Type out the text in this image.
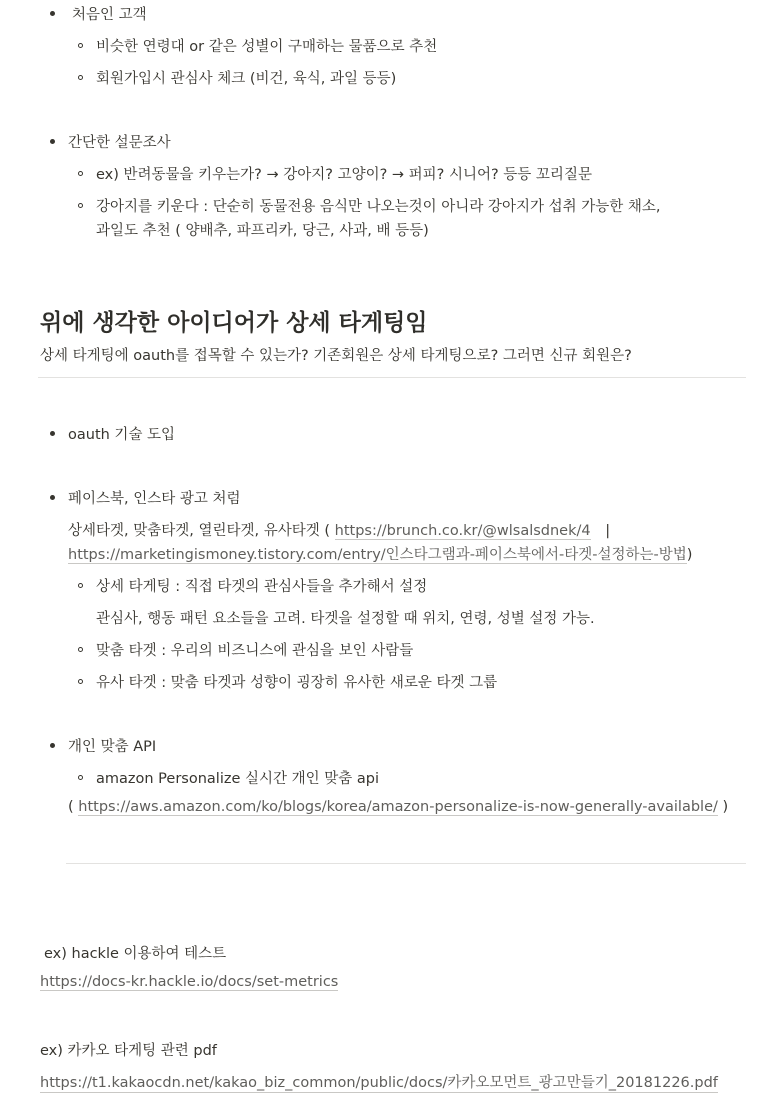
처음인 고객
비슷한 연령대 or 같은 성별이 구매하는 물품으로 추천
회원가입시 관심사 체크 (비건, 육식, 과일 등등)
간단한 설문조사
ex) 반려동물을 키우는가? → 강아지? 고양이? → 퍼피? 시니어? 등등 꼬리질문
강아지를 키운다 : 단순히 동물전용 음식만 나오는것이 아니라 강아지가 섭취 가능한 채소,
과일도 추천 ( 양배추, 파프리카, 당근, 사과, 배 등등)
위에 생각한 아이디어가 상세 타게팅임
상세 타게팅에 oauth를 접목할 수 있는가? 기존회원은 상세 타게팅으로? 그러면 신규 회원은?
oauth 기술 도입
페이스북, 인스타 광고 처럼
상세타겟, 맞춤타겟, 열린타겟, 유사타겟 ( https://brunch.co.kr/@wlsalsdnek/4 |
https://marketingismoney.tistory.com/entry/인스타그램과-페이스북에서-타겟-설정하는-방법)
상세 타게팅 : 직접 타겟의 관심사들을 추가해서 설정
관심사, 행동 패턴 요소들을 고려. 타겟을 설정할 때 위치, 연령, 성별 설정 가능.
맞춤 타겟 : 우리의 비즈니스에 관심을 보인 사람들
유사 타겟 : 맞춤 타겟과 성향이 굉장히 유사한 새로운 타겟 그룹
개인 맞춤 API
amazon Personalize 실시간 개인 맞춤 api
( https://aws.amazon.com/ko/blogs/korea/amazon-personalize-is-now-generally-available/ )
ex) hackle 이용하여 테스트
https://docs-kr.hackle.io/docs/set-metrics
ex) 카카오 타게팅 관련 pdf
https://t1.kakaocdn.net/kakao_biz_common/public/docs/카카오모먼트_광고만들기_20181226.pdf
